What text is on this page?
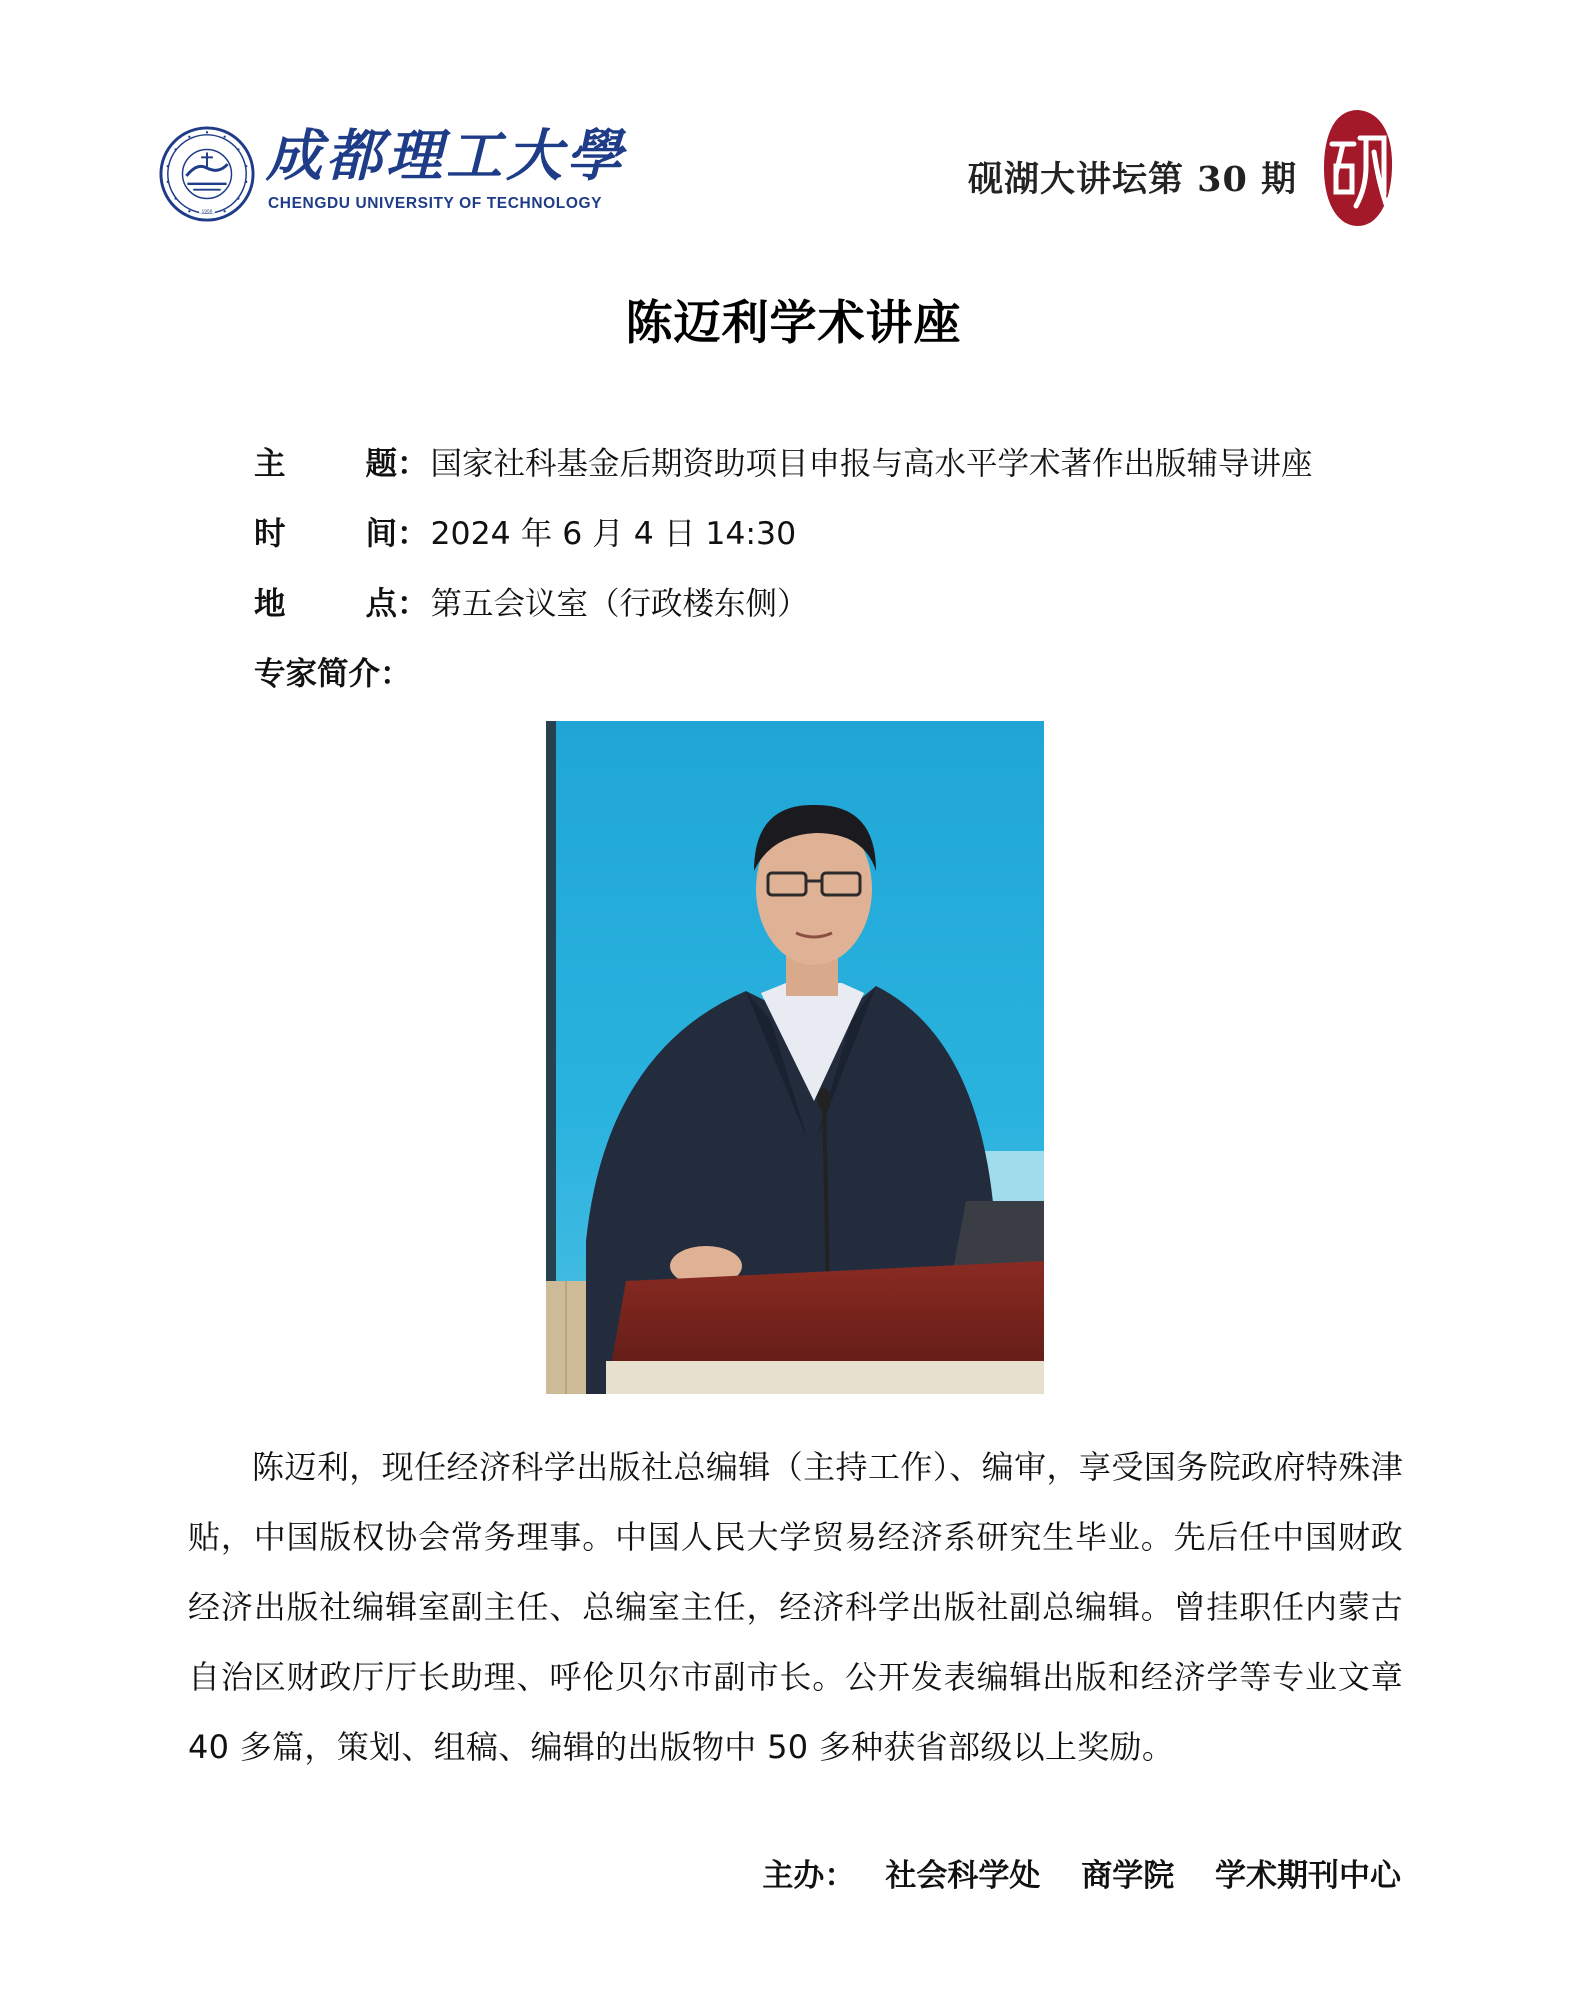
1956
成都理工大學
CHENGDU UNIVERSITY OF TECHNOLOGY
砚湖大讲坛第 30 期
陈迈利学术讲座
主	题 ： 国家社科基金后期资助项目申报与高水平学术著作出版辅导讲座
时	间 ： 2024 年 6 月 4 日 14:30
地	点 ： 第五会议室（行政楼东侧）
专家简介：
陈迈利，现任经济科学出版社总编辑（主持工作）、编审，享受国务院政府特殊津贴，中国版权协会常务理事。中国人民大学贸易经济系研究生毕业。先后任中国财政经济出版社编辑室副主任、总编室主任，经济科学出版社副总编辑。曾挂职任内蒙古自治区财政厅厅长助理、呼伦贝尔市副市长。公开发表编辑出版和经济学等专业文章 40 多篇，策划、组稿、编辑的出版物中 50 多种获省部级以上奖励。
主办： 社会科学处 商学院 学术期刊中心
